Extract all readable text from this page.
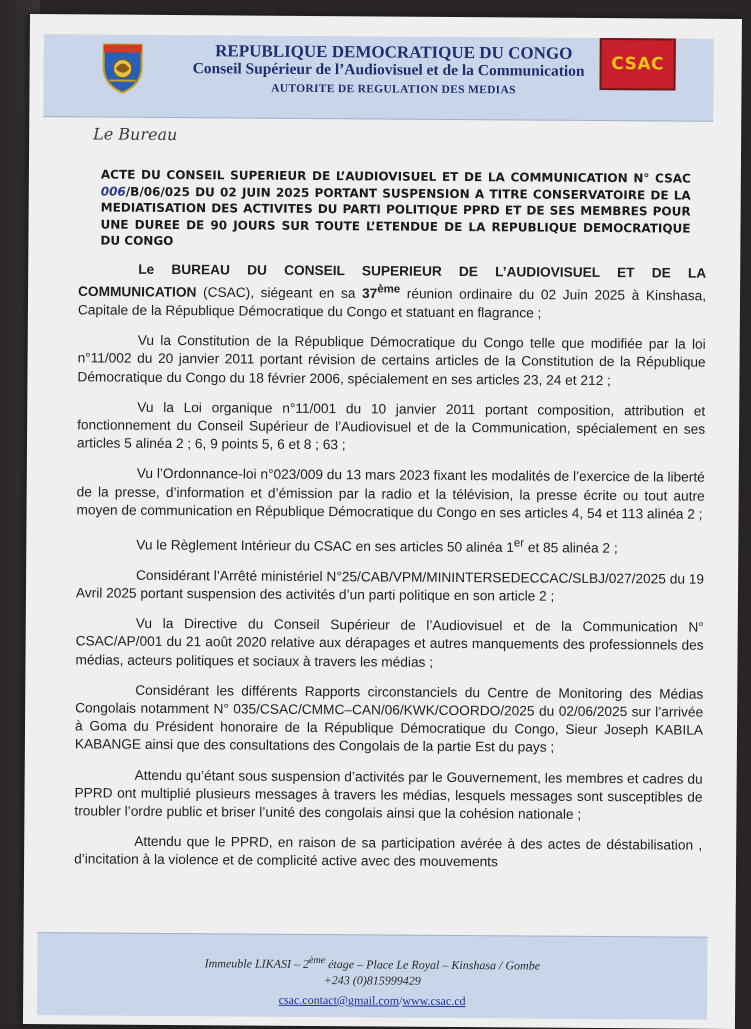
REPUBLIQUE DEMOCRATIQUE DU CONGO
Conseil Supérieur de l’Audiovisuel et de la Communication
AUTORITE DE REGULATION DES MEDIAS
CSAC
Le Bureau
ACTE DU CONSEIL SUPERIEUR DE L’AUDIOVISUEL ET DE LA COMMUNICATION N° CSAC 006/B/06/025 DU 02 JUIN 2025 PORTANT SUSPENSION A TITRE CONSERVATOIRE DE LA MEDIATISATION DES ACTIVITES DU PARTI POLITIQUE PPRD ET DE SES MEMBRES POUR UNE DUREE DE 90 JOURS SUR TOUTE L’ETENDUE DE LA REPUBLIQUE DEMOCRATIQUE DU CONGO

Le BUREAU DU CONSEIL SUPERIEUR DE L’AUDIOVISUEL ET DE LA COMMUNICATION (CSAC), siégeant en sa 37ème réunion ordinaire du 02 Juin 2025 à Kinshasa, Capitale de la République Démocratique du Congo et statuant en flagrance ;

Vu la Constitution de la République Démocratique du Congo telle que modifiée par la loi n°11/002 du 20 janvier 2011 portant révision de certains articles de la Constitution de la République Démocratique du Congo du 18 février 2006, spécialement en ses articles 23, 24 et 212 ;

Vu la Loi organique n°11/001 du 10 janvier 2011 portant composition, attribution et fonctionnement du Conseil Supérieur de l’Audiovisuel et de la Communication, spécialement en ses articles 5 alinéa 2 ; 6, 9 points 5, 6 et 8 ; 63 ;

Vu l’Ordonnance-loi n°023/009 du 13 mars 2023 fixant les modalités de l’exercice de la liberté de la presse, d’information et d’émission par la radio et la télévision, la presse écrite ou tout autre moyen de communication en République Démocratique du Congo en ses articles 4, 54 et 113 alinéa 2 ;

Vu le Règlement Intérieur du CSAC en ses articles 50 alinéa 1er et 85 alinéa 2 ;

Considérant l’Arrêté ministériel N°25/CAB/VPM/MININTERSEDECCAC/SLBJ/027/2025 du 19 Avril 2025 portant suspension des activités d’un parti politique en son article 2 ;

Vu la Directive du Conseil Supérieur de l’Audiovisuel et de la Communication N° CSAC/AP/001 du 21 août 2020 relative aux dérapages et autres manquements des professionnels des médias, acteurs politiques et sociaux à travers les médias ;

Considérant les différents Rapports circonstanciels du Centre de Monitoring des Médias Congolais notamment N° 035/CSAC/CMMC–CAN/06/KWK/COORDO/2025 du 02/06/2025 sur l’arrivée à Goma du Président honoraire de la République Démocratique du Congo, Sieur Joseph KABILA KABANGE ainsi que des consultations des Congolais de la partie Est du pays ;

Attendu qu’étant sous suspension d’activités par le Gouvernement, les membres et cadres du PPRD ont multiplié plusieurs messages à travers les médias, lesquels messages sont susceptibles de troubler l’ordre public et briser l’unité des congolais ainsi que la cohésion nationale ;

Attendu que le PPRD, en raison de sa participation avérée à des actes de déstabilisation , d’incitation à la violence et de complicité active avec des mouvements

Immeuble LIKASI – 2ème étage – Place Le Royal – Kinshasa / Gombe
+243 (0)815999429
csac.contact@gmail.com/www.csac.cd
